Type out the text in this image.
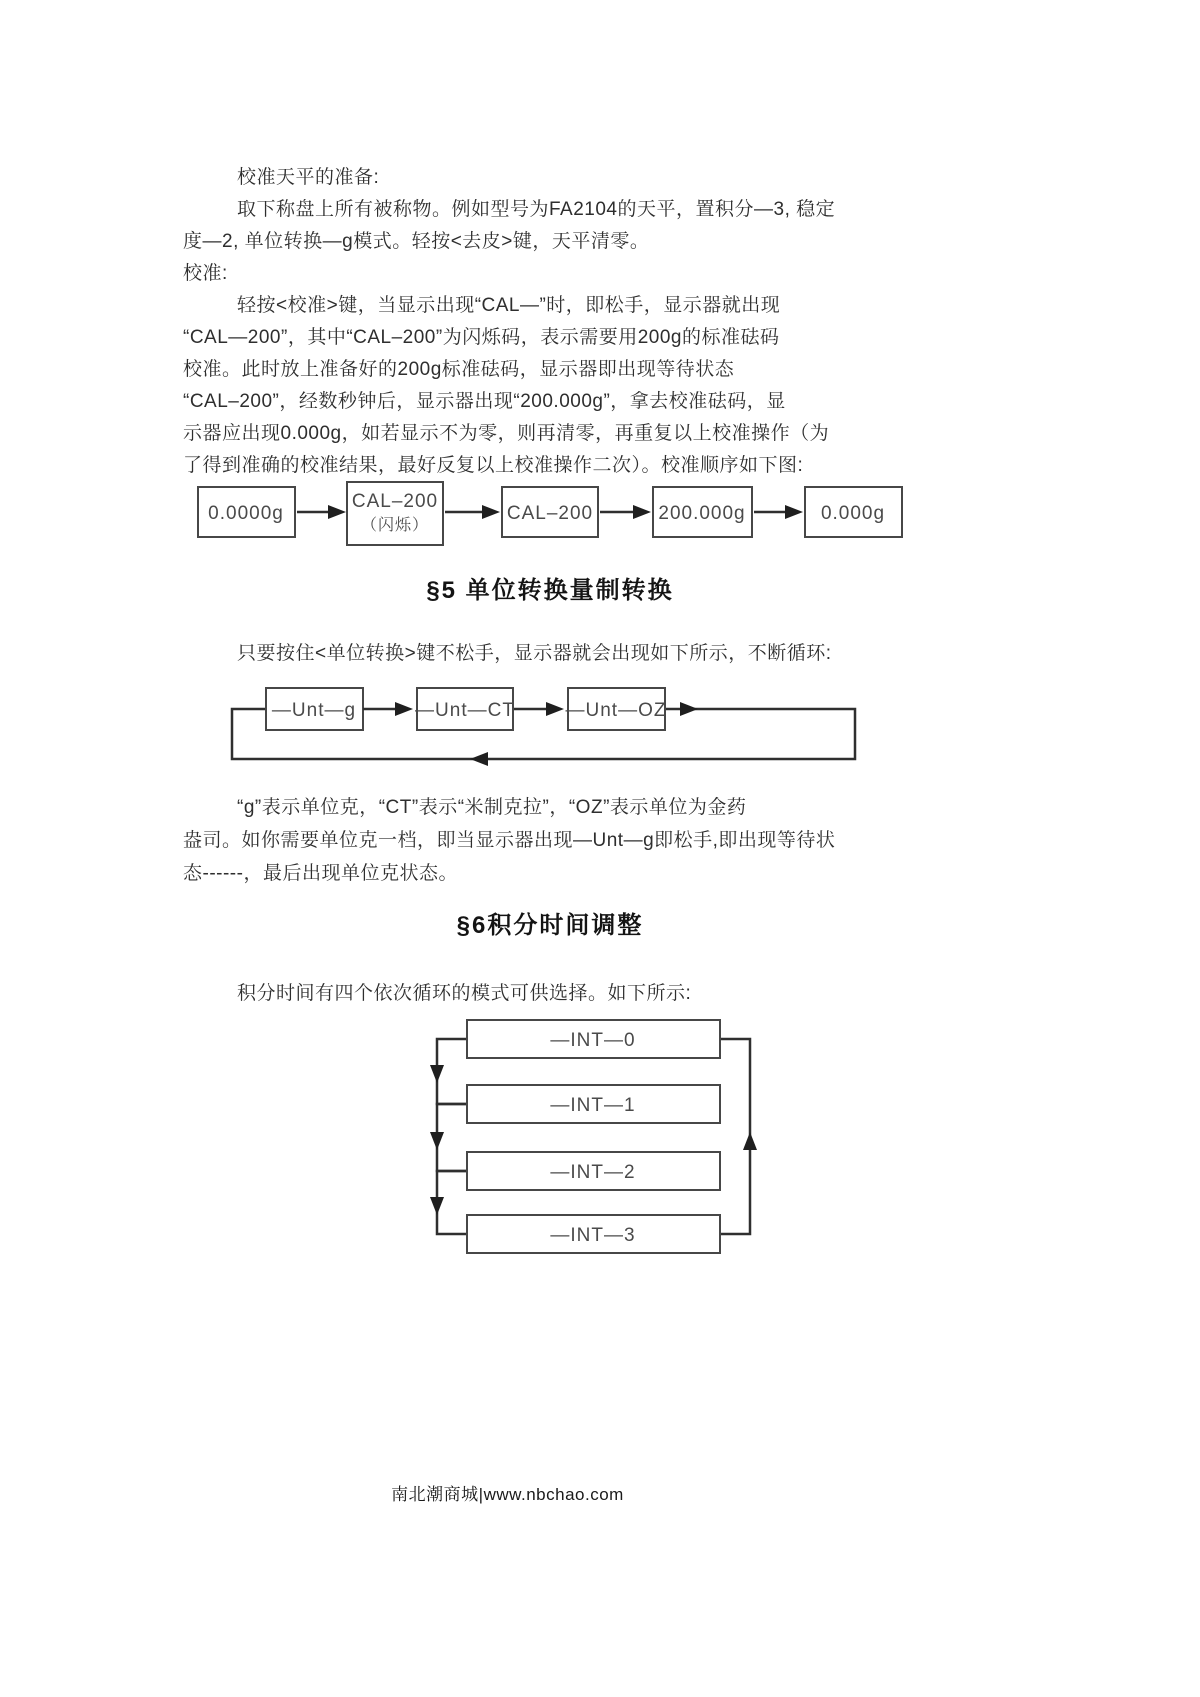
校准天平的准备:
取下称盘上所有被称物。例如型号为FA2104的天平，置积分—3, 稳定
度—2, 单位转换—g模式。轻按<去皮>键，天平清零。
校准:
轻按<校准>键，当显示出现“CAL—”时，即松手，显示器就出现
“CAL—200”，其中“CAL–200”为闪烁码，表示需要用200g的标准砝码
校准。此时放上准备好的200g标准砝码，显示器即出现等待状态
“CAL–200”，经数秒钟后，显示器出现“200.000g”，拿去校准砝码，显
示器应出现0.000g，如若显示不为零，则再清零，再重复以上校准操作（为
了得到准确的校准结果，最好反复以上校准操作二次）。校准顺序如下图:
0.0000g
CAL–200
（闪烁）
CAL–200	200.000g	0.000g
§5 单位转换量制转换
只要按住<单位转换>键不松手，显示器就会出现如下所示，不断循环:
—Unt—g	—Unt—CT	—Unt—OZ
“g”表示单位克，“CT”表示“米制克拉”，“OZ”表示单位为金药
盎司。如你需要单位克一档，即当显示器出现—Unt—g即松手,即出现等待状
态------，最后出现单位克状态。
§6积分时间调整
积分时间有四个依次循环的模式可供选择。如下所示:
—INT—0
—INT—1
—INT—2
—INT—3
南北潮商城|www.nbchao.com
